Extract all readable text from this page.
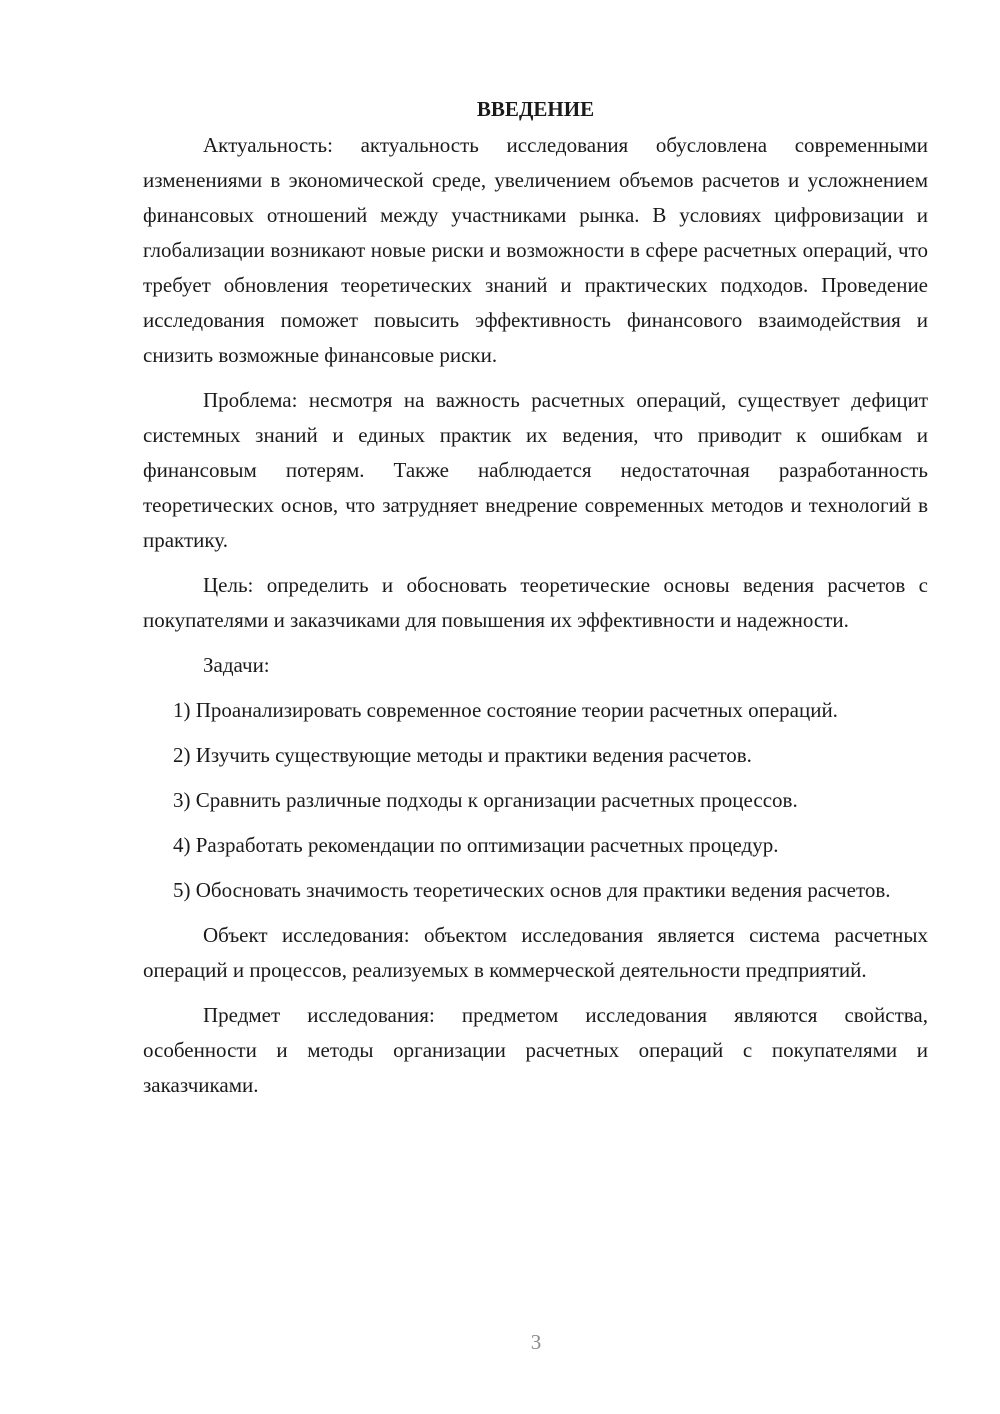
ВВЕДЕНИЕ

Актуальность: актуальность исследования обусловлена современными изменениями в экономической среде, увеличением объемов расчетов и усложнением финансовых отношений между участниками рынка. В условиях цифровизации и глобализации возникают новые риски и возможности в сфере расчетных операций, что требует обновления теоретических знаний и практических подходов. Проведение исследования поможет повысить эффективность финансового взаимодействия и снизить возможные финансовые риски.

Проблема: несмотря на важность расчетных операций, существует дефицит системных знаний и единых практик их ведения, что приводит к ошибкам и финансовым потерям. Также наблюдается недостаточная разработанность теоретических основ, что затрудняет внедрение современных методов и технологий в практику.

Цель: определить и обосновать теоретические основы ведения расчетов с покупателями и заказчиками для повышения их эффективности и надежности.

Задачи:

1) Проанализировать современное состояние теории расчетных операций.

2) Изучить существующие методы и практики ведения расчетов.

3) Сравнить различные подходы к организации расчетных процессов.

4) Разработать рекомендации по оптимизации расчетных процедур.

5) Обосновать значимость теоретических основ для практики ведения расчетов.

Объект исследования: объектом исследования является система расчетных операций и процессов, реализуемых в коммерческой деятельности предприятий.

Предмет исследования: предметом исследования являются свойства, особенности и методы организации расчетных операций с покупателями и заказчиками.

3
